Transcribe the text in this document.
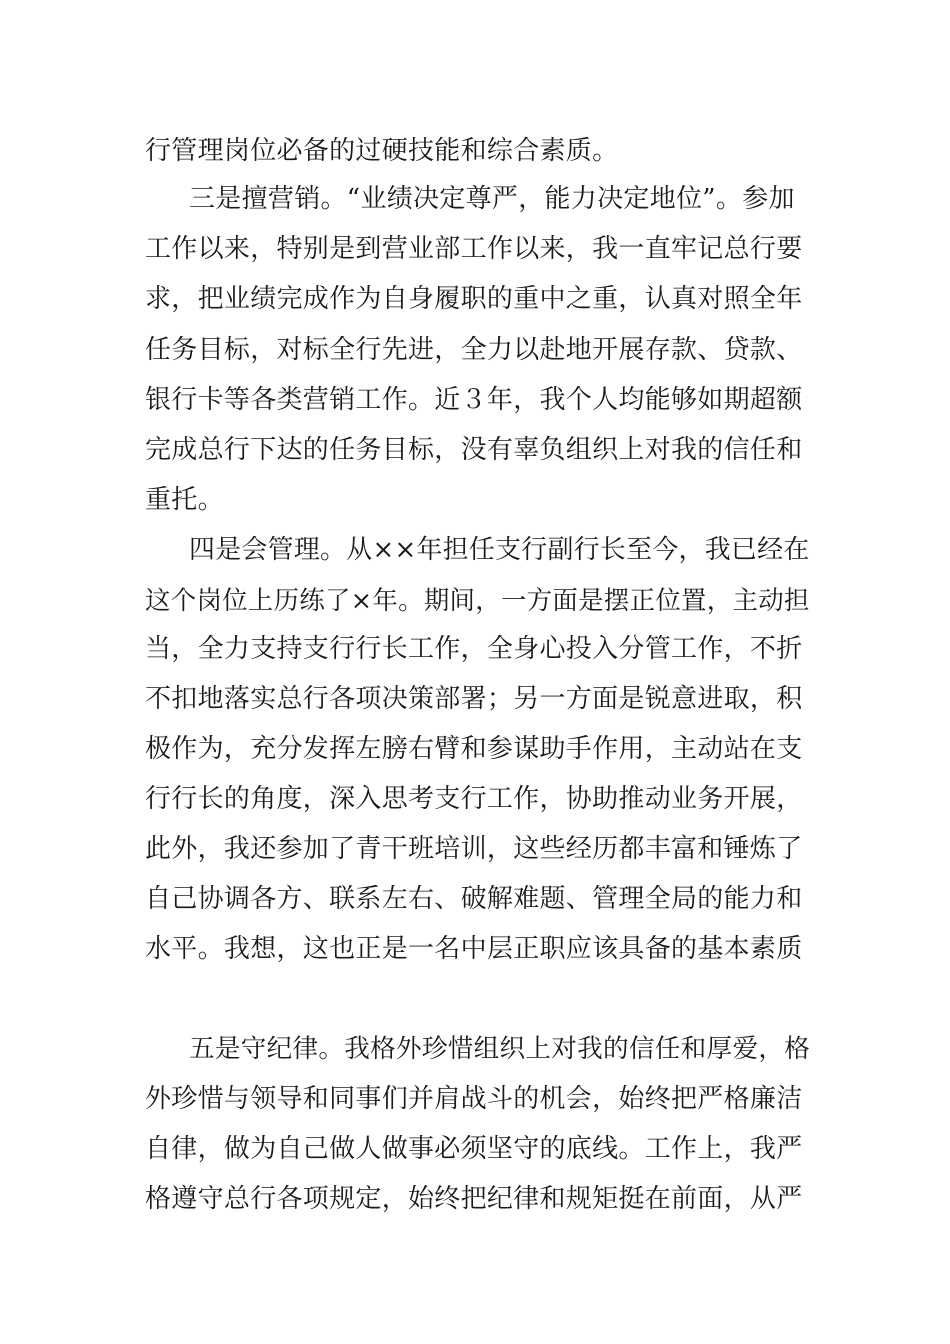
行管理岗位必备的过硬技能和综合素质。
三是擅营销。“业绩决定尊严，能力决定地位”。参加
工作以来，特别是到营业部工作以来，我一直牢记总行要
求，把业绩完成作为自身履职的重中之重，认真对照全年
任务目标，对标全行先进，全力以赴地开展存款、贷款、
银行卡等各类营销工作。近３年，我个人均能够如期超额
完成总行下达的任务目标，没有辜负组织上对我的信任和
重托。
四是会管理。从××年担任支行副行长至今，我已经在
这个岗位上历练了×年。期间，一方面是摆正位置，主动担
当，全力支持支行行长工作，全身心投入分管工作，不折
不扣地落实总行各项决策部署；另一方面是锐意进取，积
极作为，充分发挥左膀右臂和参谋助手作用，主动站在支
行行长的角度，深入思考支行工作，协助推动业务开展，
此外，我还参加了青干班培训，这些经历都丰富和锤炼了
自己协调各方、联系左右、破解难题、管理全局的能力和
水平。我想，这也正是一名中层正职应该具备的基本素质
五是守纪律。我格外珍惜组织上对我的信任和厚爱，格
外珍惜与领导和同事们并肩战斗的机会，始终把严格廉洁
自律，做为自己做人做事必须坚守的底线。工作上，我严
格遵守总行各项规定，始终把纪律和规矩挺在前面，从严
